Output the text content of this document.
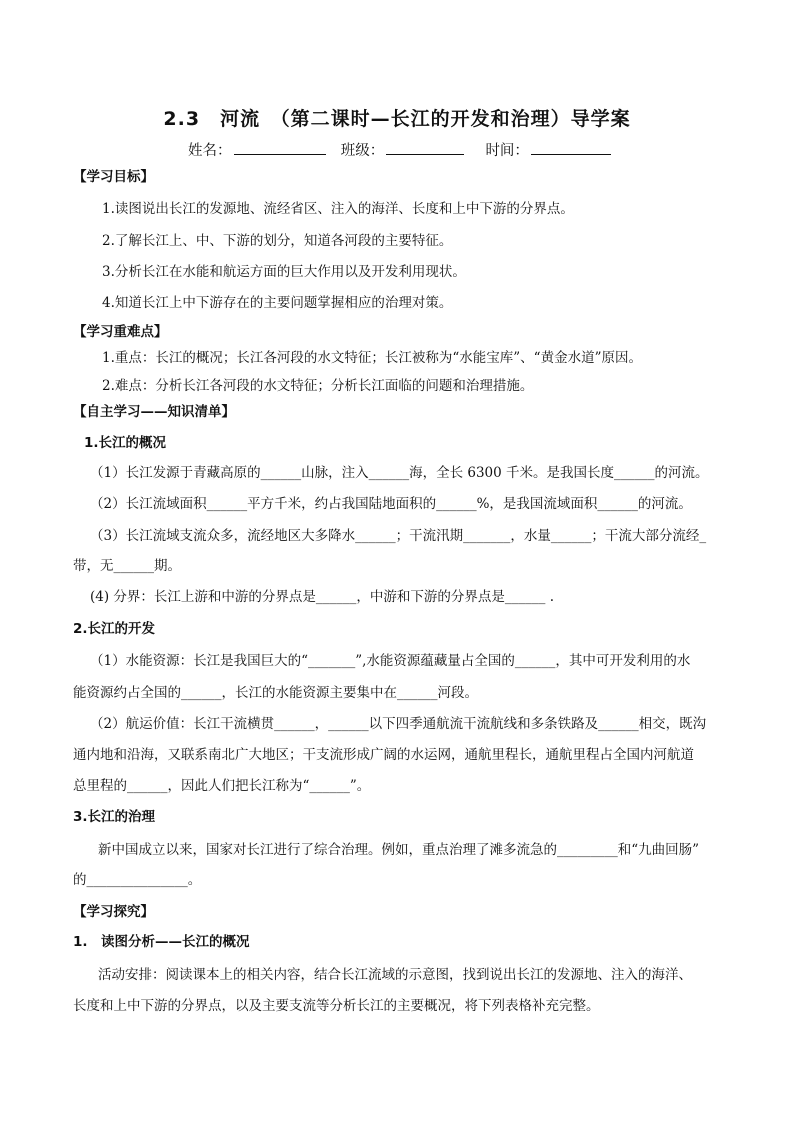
2.3　河流　（第二课时—长江的开发和治理）导学案
姓名：	班级：	时间：
【学习目标】
1.读图说出长江的发源地、流经省区、注入的海洋、长度和上中下游的分界点。
2.了解长江上、中、下游的划分，知道各河段的主要特征。
3.分析长江在水能和航运方面的巨大作用以及开发利用现状。
4.知道长江上中下游存在的主要问题掌握相应的治理对策。
【学习重难点】
1.重点：长江的概况；长江各河段的水文特征；长江被称为“水能宝库”、“黄金水道”原因。
2.难点：分析长江各河段的水文特征；分析长江面临的问题和治理措施。
【自主学习——知识清单】
1.长江的概况
（1）长江发源于青藏高原的______山脉，注入______海，全长 6300 千米。是我国长度______的河流。
（2）长江流域面积______平方千米，约占我国陆地面积的______%，是我国流域面积______的河流。
（3）长江流域支流众多，流经地区大多降水______；干流汛期_______，水量______；干流大部分流经_
带，无______期。
(4) 分界：长江上游和中游的分界点是______，中游和下游的分界点是______ .
2.长江的开发
（1）水能资源：长江是我国巨大的“_______”,水能资源蕴藏量占全国的______，其中可开发利用的水
能资源约占全国的______，长江的水能资源主要集中在______河段。
（2）航运价值：长江干流横贯______，______以下四季通航流干流航线和多条铁路及______相交，既沟
通内地和沿海，又联系南北广大地区；干支流形成广阔的水运网，通航里程长，通航里程占全国内河航道
总里程的______，因此人们把长江称为“______”。
3.长江的治理
新中国成立以来，国家对长江进行了综合治理。例如，重点治理了滩多流急的_________和“九曲回肠”
的_______________。
【学习探究】
1.　读图分析——长江的概况
活动安排：阅读课本上的相关内容，结合长江流域的示意图，找到说出长江的发源地、注入的海洋、
长度和上中下游的分界点，以及主要支流等分析长江的主要概况，将下列表格补充完整。
